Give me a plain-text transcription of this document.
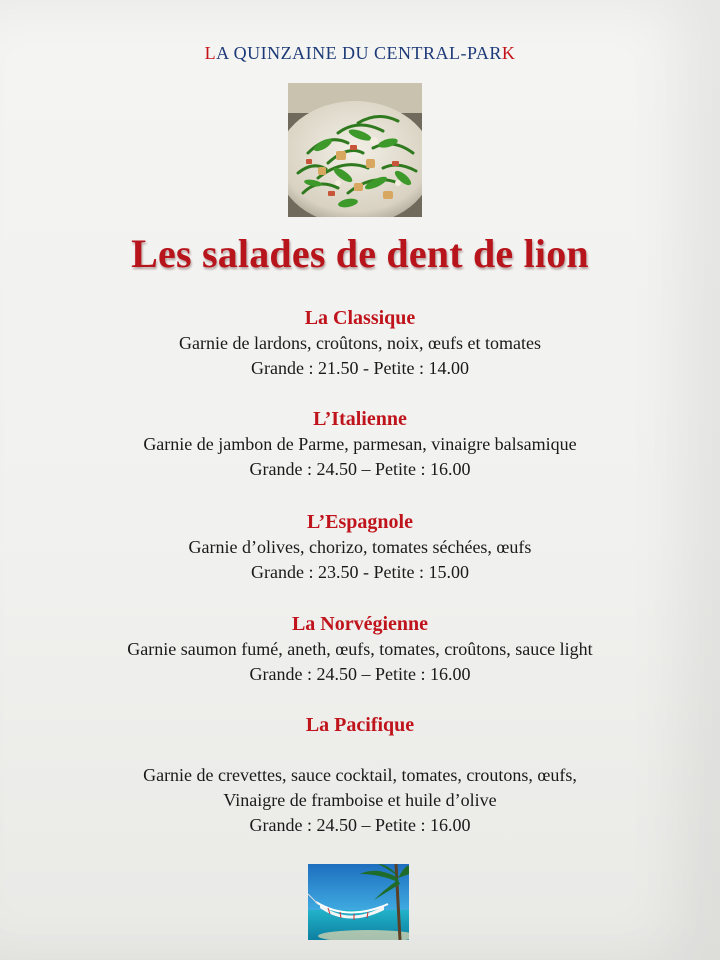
LA QUINZAINE DU CENTRAL-PARK
Les salades de dent de lion
La Classique
Garnie de lardons, croûtons, noix, œufs et tomates
Grande : 21.50 - Petite : 14.00
L’Italienne
Garnie de jambon de Parme, parmesan, vinaigre balsamique
Grande : 24.50 – Petite : 16.00
L’Espagnole
Garnie d’olives, chorizo, tomates séchées, œufs
Grande : 23.50 - Petite : 15.00
La Norvégienne
Garnie saumon fumé, aneth, œufs, tomates, croûtons, sauce light
Grande : 24.50 – Petite : 16.00
La Pacifique
Garnie de crevettes, sauce cocktail, tomates, croutons, œufs,
Vinaigre de framboise et huile d’olive
Grande : 24.50 – Petite : 16.00
